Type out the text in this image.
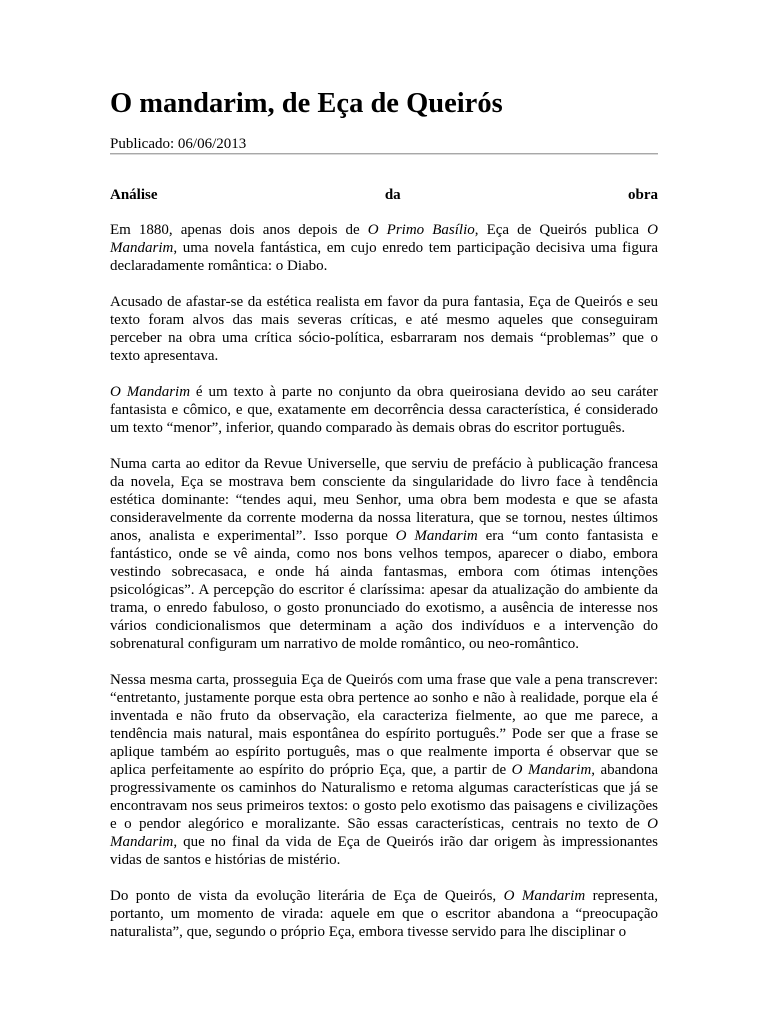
O mandarim, de Eça de Queirós
Publicado: 06/06/2013
Análise	da	obra

Em 1880, apenas dois anos depois de O Primo Basílio, Eça de Queirós publica O Mandarim, uma novela fantástica, em cujo enredo tem participação decisiva uma figura declaradamente romântica: o Diabo.

Acusado de afastar-se da estética realista em favor da pura fantasia, Eça de Queirós e seu texto foram alvos das mais severas críticas, e até mesmo aqueles que conseguiram perceber na obra uma crítica sócio-política, esbarraram nos demais “problemas” que o texto apresentava.

O Mandarim é um texto à parte no conjunto da obra queirosiana devido ao seu caráter fantasista e cômico, e que, exatamente em decorrência dessa característica, é considerado um texto “menor”, inferior, quando comparado às demais obras do escritor português.

Numa carta ao editor da Revue Universelle, que serviu de prefácio à publicação francesa da novela, Eça se mostrava bem consciente da singularidade do livro face à tendência estética dominante: “tendes aqui, meu Senhor, uma obra bem modesta e que se afasta consideravelmente da corrente moderna da nossa literatura, que se tornou, nestes últimos anos, analista e experimental”. Isso porque O Mandarim era “um conto fantasista e fantástico, onde se vê ainda, como nos bons velhos tempos, aparecer o diabo, embora vestindo sobrecasaca, e onde há ainda fantasmas, embora com ótimas intenções psicológicas”. A percepção do escritor é claríssima: apesar da atualização do ambiente da trama, o enredo fabuloso, o gosto pronunciado do exotismo, a ausência de interesse nos vários condicionalismos que determinam a ação dos indivíduos e a intervenção do sobrenatural configuram um narrativo de molde romântico, ou neo-romântico.

Nessa mesma carta, prosseguia Eça de Queirós com uma frase que vale a pena transcrever: “entretanto, justamente porque esta obra pertence ao sonho e não à realidade, porque ela é inventada e não fruto da observação, ela caracteriza fielmente, ao que me parece, a tendência mais natural, mais espontânea do espírito português.” Pode ser que a frase se aplique também ao espírito português, mas o que realmente importa é observar que se aplica perfeitamente ao espírito do próprio Eça, que, a partir de O Mandarim, abandona progressivamente os caminhos do Naturalismo e retoma algumas características que já se encontravam nos seus primeiros textos: o gosto pelo exotismo das paisagens e civilizações e o pendor alegórico e moralizante. São essas características, centrais no texto de O Mandarim, que no final da vida de Eça de Queirós irão dar origem às impressionantes vidas de santos e histórias de mistério.

Do ponto de vista da evolução literária de Eça de Queirós, O Mandarim representa, portanto, um momento de virada: aquele em que o escritor abandona a “preocupação naturalista”, que, segundo o próprio Eça, embora tivesse servido para lhe disciplinar o
